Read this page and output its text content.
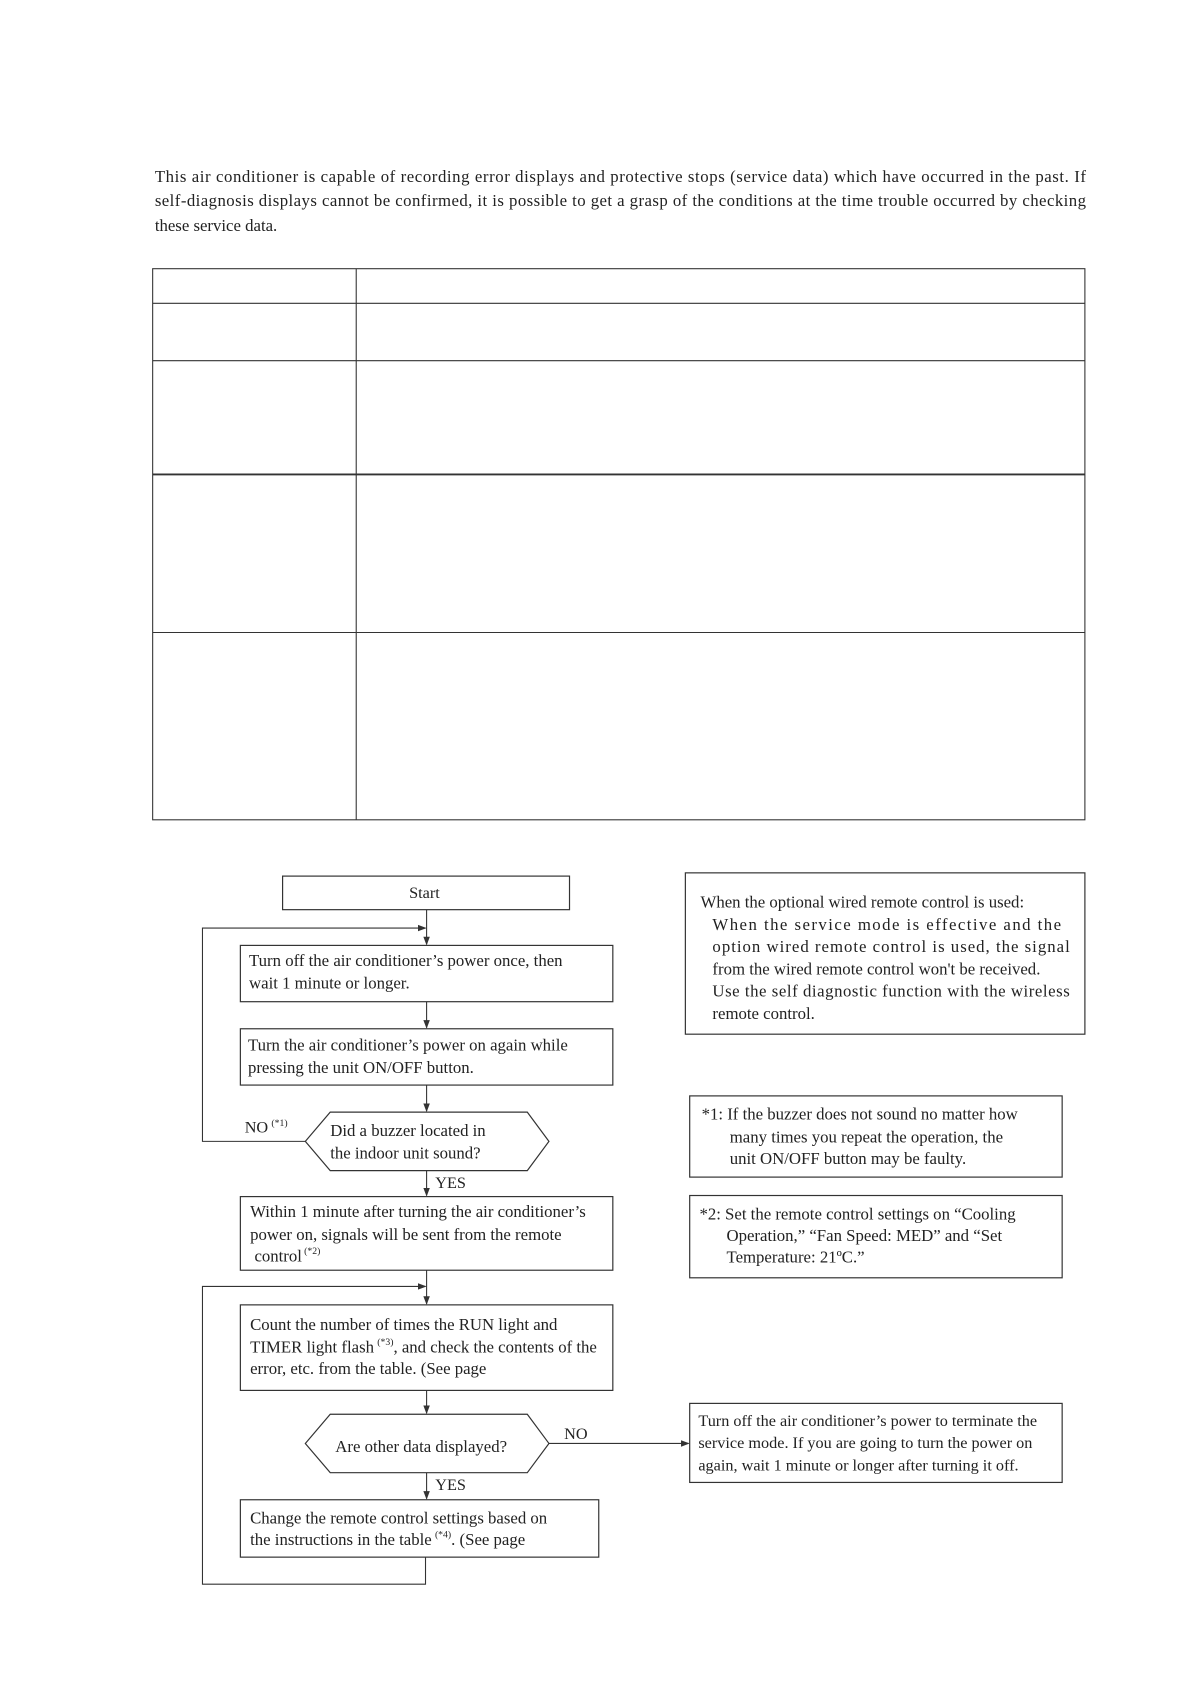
This air conditioner is capable of recording error displays and protective stops (service data) which have occurred in the past. If
self-diagnosis displays cannot be confirmed, it is possible to get a grasp of the conditions at the time trouble occurred by checking
these service data.
Start
Turn off the air conditioner’s power once, then
wait 1 minute or longer.
Turn the air conditioner’s power on again while
pressing the unit ON/OFF button.
Did a buzzer located in
the indoor unit sound?
NO $^{(*1)}$
YES
Within 1 minute after turning the air conditioner’s
power on, signals will be sent from the remote
control $^{(*2)}$
Count the number of times the RUN light and
TIMER light flash $^{(*3)}$, and check the contents of the
error, etc. from the table. (See page
Are other data displayed?
NO
YES
Change the remote control settings based on
the instructions in the table $^{(*4)}$. (See page
Turn off the air conditioner’s power to terminate the
service mode. If you are going to turn the power on
again, wait 1 minute or longer after turning it off.
When the optional wired remote control is used:
When the service mode is effective and the
option wired remote control is used, the signal
from the wired remote control won't be received.
Use the self diagnostic function with the wireless
remote control.
*1: If the buzzer does not sound no matter how
many times you repeat the operation, the
unit ON/OFF button may be faulty.
*2: Set the remote control settings on “Cooling
Operation,” “Fan Speed: MED” and “Set
Temperature: 21ºC.”
